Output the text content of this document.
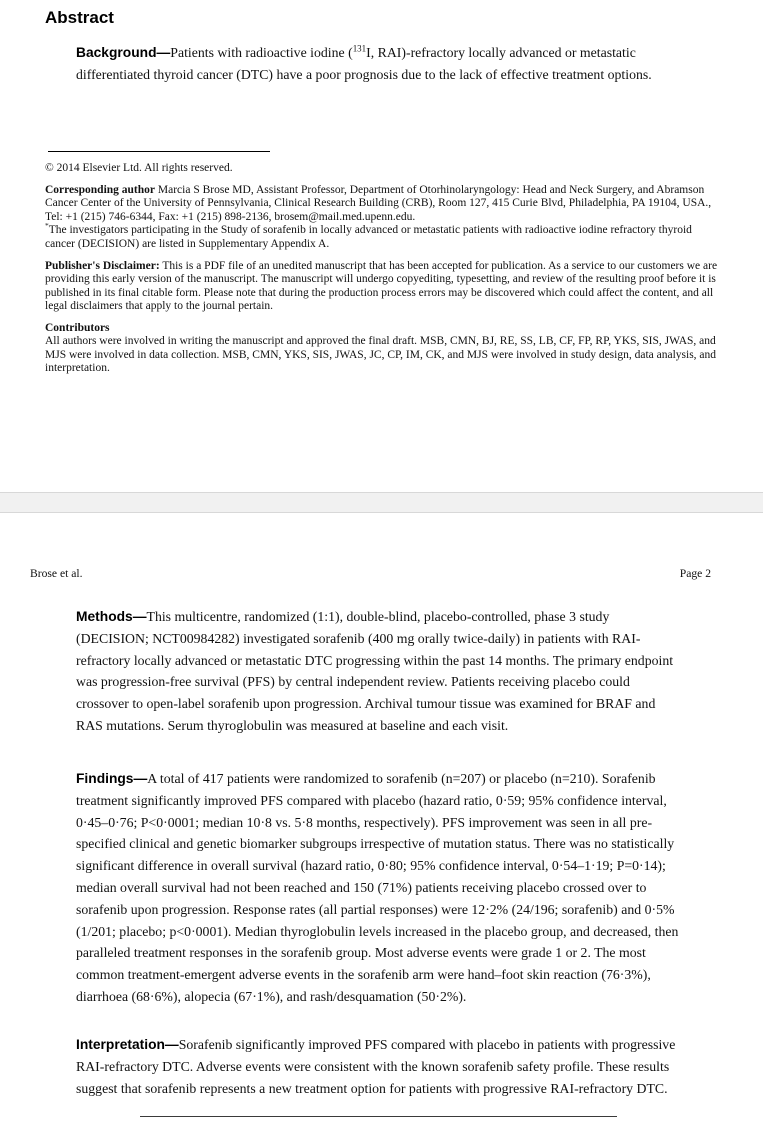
Abstract

Background—Patients with radioactive iodine ($^{131}$I, RAI)-refractory locally advanced or metastatic differentiated thyroid cancer (DTC) have a poor prognosis due to the lack of effective treatment options.

© 2014 Elsevier Ltd. All rights reserved.

Corresponding author Marcia S Brose MD, Assistant Professor, Department of Otorhinolaryngology: Head and Neck Surgery, and Abramson Cancer Center of the University of Pennsylvania, Clinical Research Building (CRB), Room 127, 415 Curie Blvd, Philadelphia, PA 19104, USA., Tel: +1 (215) 746-6344, Fax: +1 (215) 898-2136, brosem@mail.med.upenn.edu.

*The investigators participating in the Study of sorafenib in locally advanced or metastatic patients with radioactive iodine refractory thyroid cancer (DECISION) are listed in Supplementary Appendix A.

Publisher's Disclaimer: This is a PDF file of an unedited manuscript that has been accepted for publication. As a service to our customers we are providing this early version of the manuscript. The manuscript will undergo copyediting, typesetting, and review of the resulting proof before it is published in its final citable form. Please note that during the production process errors may be discovered which could affect the content, and all legal disclaimers that apply to the journal pertain.

Contributors

All authors were involved in writing the manuscript and approved the final draft. MSB, CMN, BJ, RE, SS, LB, CF, FP, RP, YKS, SIS, JWAS, and MJS were involved in data collection. MSB, CMN, YKS, SIS, JWAS, JC, CP, IM, CK, and MJS were involved in study design, data analysis, and interpretation.

Brose et al.	Page 2

Methods—This multicentre, randomized (1:1), double-blind, placebo-controlled, phase 3 study (DECISION; NCT00984282) investigated sorafenib (400 mg orally twice-daily) in patients with RAI-refractory locally advanced or metastatic DTC progressing within the past 14 months. The primary endpoint was progression-free survival (PFS) by central independent review. Patients receiving placebo could crossover to open-label sorafenib upon progression. Archival tumour tissue was examined for BRAF and RAS mutations. Serum thyroglobulin was measured at baseline and each visit.

Findings—A total of 417 patients were randomized to sorafenib (n=207) or placebo (n=210). Sorafenib treatment significantly improved PFS compared with placebo (hazard ratio, 0·59; 95% confidence interval, 0·45–0·76; P<0·0001; median 10·8 vs. 5·8 months, respectively). PFS improvement was seen in all pre-specified clinical and genetic biomarker subgroups irrespective of mutation status. There was no statistically significant difference in overall survival (hazard ratio, 0·80; 95% confidence interval, 0·54–1·19; P=0·14); median overall survival had not been reached and 150 (71%) patients receiving placebo crossed over to sorafenib upon progression. Response rates (all partial responses) were 12·2% (24/196; sorafenib) and 0·5% (1/201; placebo; p<0·0001). Median thyroglobulin levels increased in the placebo group, and decreased, then paralleled treatment responses in the sorafenib group. Most adverse events were grade 1 or 2. The most common treatment-emergent adverse events in the sorafenib arm were hand–foot skin reaction (76·3%), diarrhoea (68·6%), alopecia (67·1%), and rash/desquamation (50·2%).

Interpretation—Sorafenib significantly improved PFS compared with placebo in patients with progressive RAI-refractory DTC. Adverse events were consistent with the known sorafenib safety profile. These results suggest that sorafenib represents a new treatment option for patients with progressive RAI-refractory DTC.
